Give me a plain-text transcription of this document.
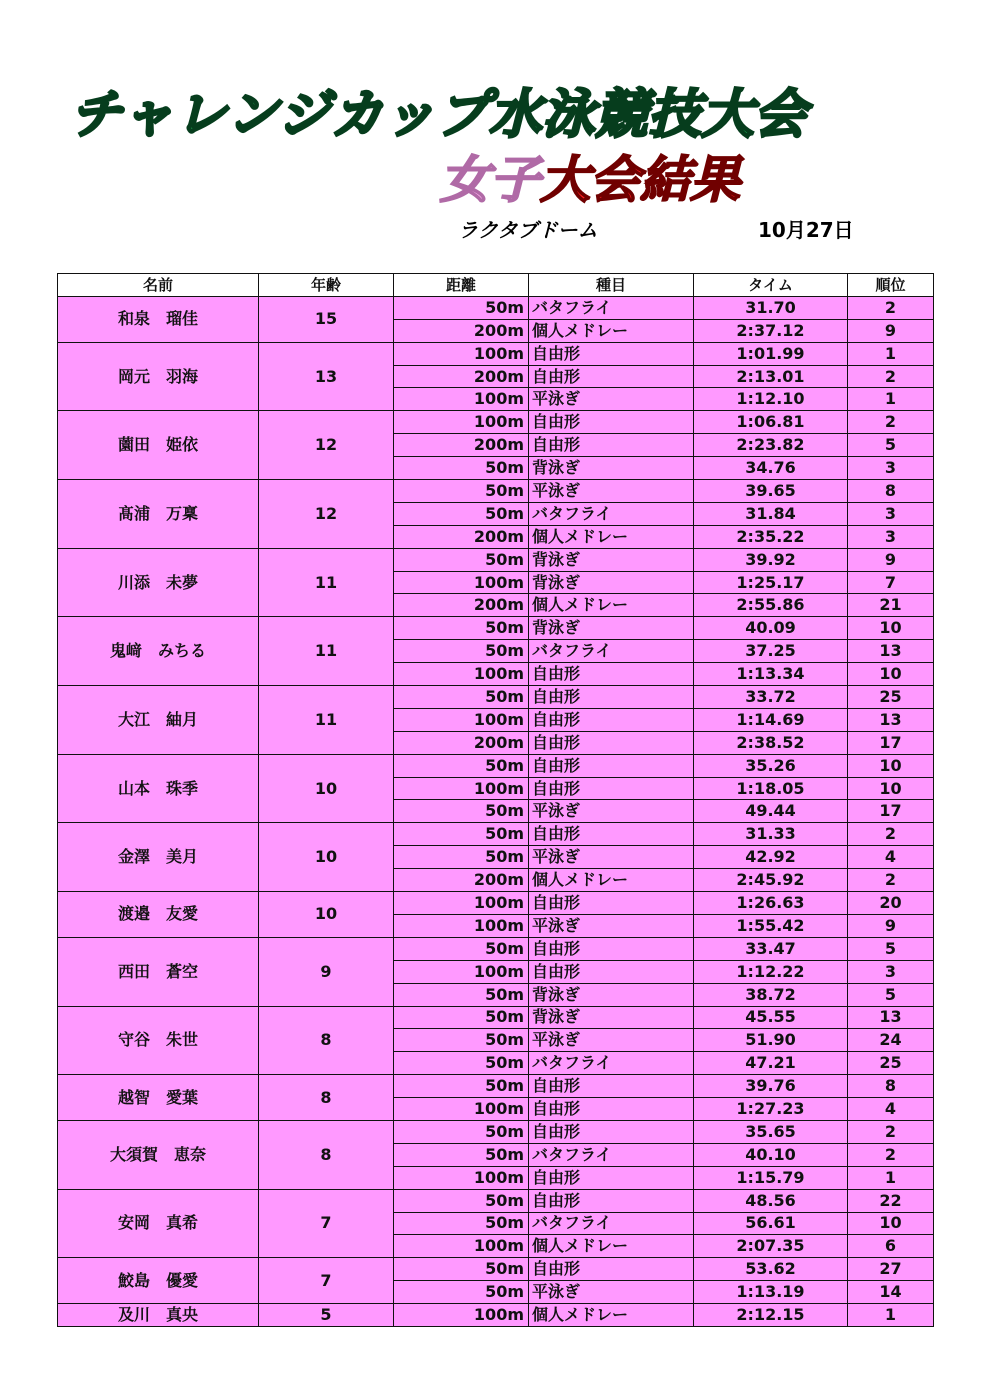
チャレンジカップ水泳競技大会
女子大会結果
ラクタブドーム	10月27日
名前	年齢	距離	種目	タイム	順位
和泉　瑠佳	15	50m	バタフライ	31.70	2
		200m	個人メドレー	2:37.12	9
岡元　羽海	13	100m	自由形	1:01.99	1
		200m	自由形	2:13.01	2
		100m	平泳ぎ	1:12.10	1
薗田　姫依	12	100m	自由形	1:06.81	2
		200m	自由形	2:23.82	5
		50m	背泳ぎ	34.76	3
髙浦　万稟	12	50m	平泳ぎ	39.65	8
		50m	バタフライ	31.84	3
		200m	個人メドレー	2:35.22	3
川添　未夢	11	50m	背泳ぎ	39.92	9
		100m	背泳ぎ	1:25.17	7
		200m	個人メドレー	2:55.86	21
鬼﨑　みちる	11	50m	背泳ぎ	40.09	10
		50m	バタフライ	37.25	13
		100m	自由形	1:13.34	10
大江　紬月	11	50m	自由形	33.72	25
		100m	自由形	1:14.69	13
		200m	自由形	2:38.52	17
山本　珠季	10	50m	自由形	35.26	10
		100m	自由形	1:18.05	10
		50m	平泳ぎ	49.44	17
金澤　美月	10	50m	自由形	31.33	2
		50m	平泳ぎ	42.92	4
		200m	個人メドレー	2:45.92	2
渡邉　友愛	10	100m	自由形	1:26.63	20
		100m	平泳ぎ	1:55.42	9
西田　蒼空	9	50m	自由形	33.47	5
		100m	自由形	1:12.22	3
		50m	背泳ぎ	38.72	5
守谷　朱世	8	50m	背泳ぎ	45.55	13
		50m	平泳ぎ	51.90	24
		50m	バタフライ	47.21	25
越智　愛葉	8	50m	自由形	39.76	8
		100m	自由形	1:27.23	4
大須賀　恵奈	8	50m	自由形	35.65	2
		50m	バタフライ	40.10	2
		100m	自由形	1:15.79	1
安岡　真希	7	50m	自由形	48.56	22
		50m	バタフライ	56.61	10
		100m	個人メドレー	2:07.35	6
鮫島　優愛	7	50m	自由形	53.62	27
		50m	平泳ぎ	1:13.19	14
及川　真央	5	100m	個人メドレー	2:12.15	1
